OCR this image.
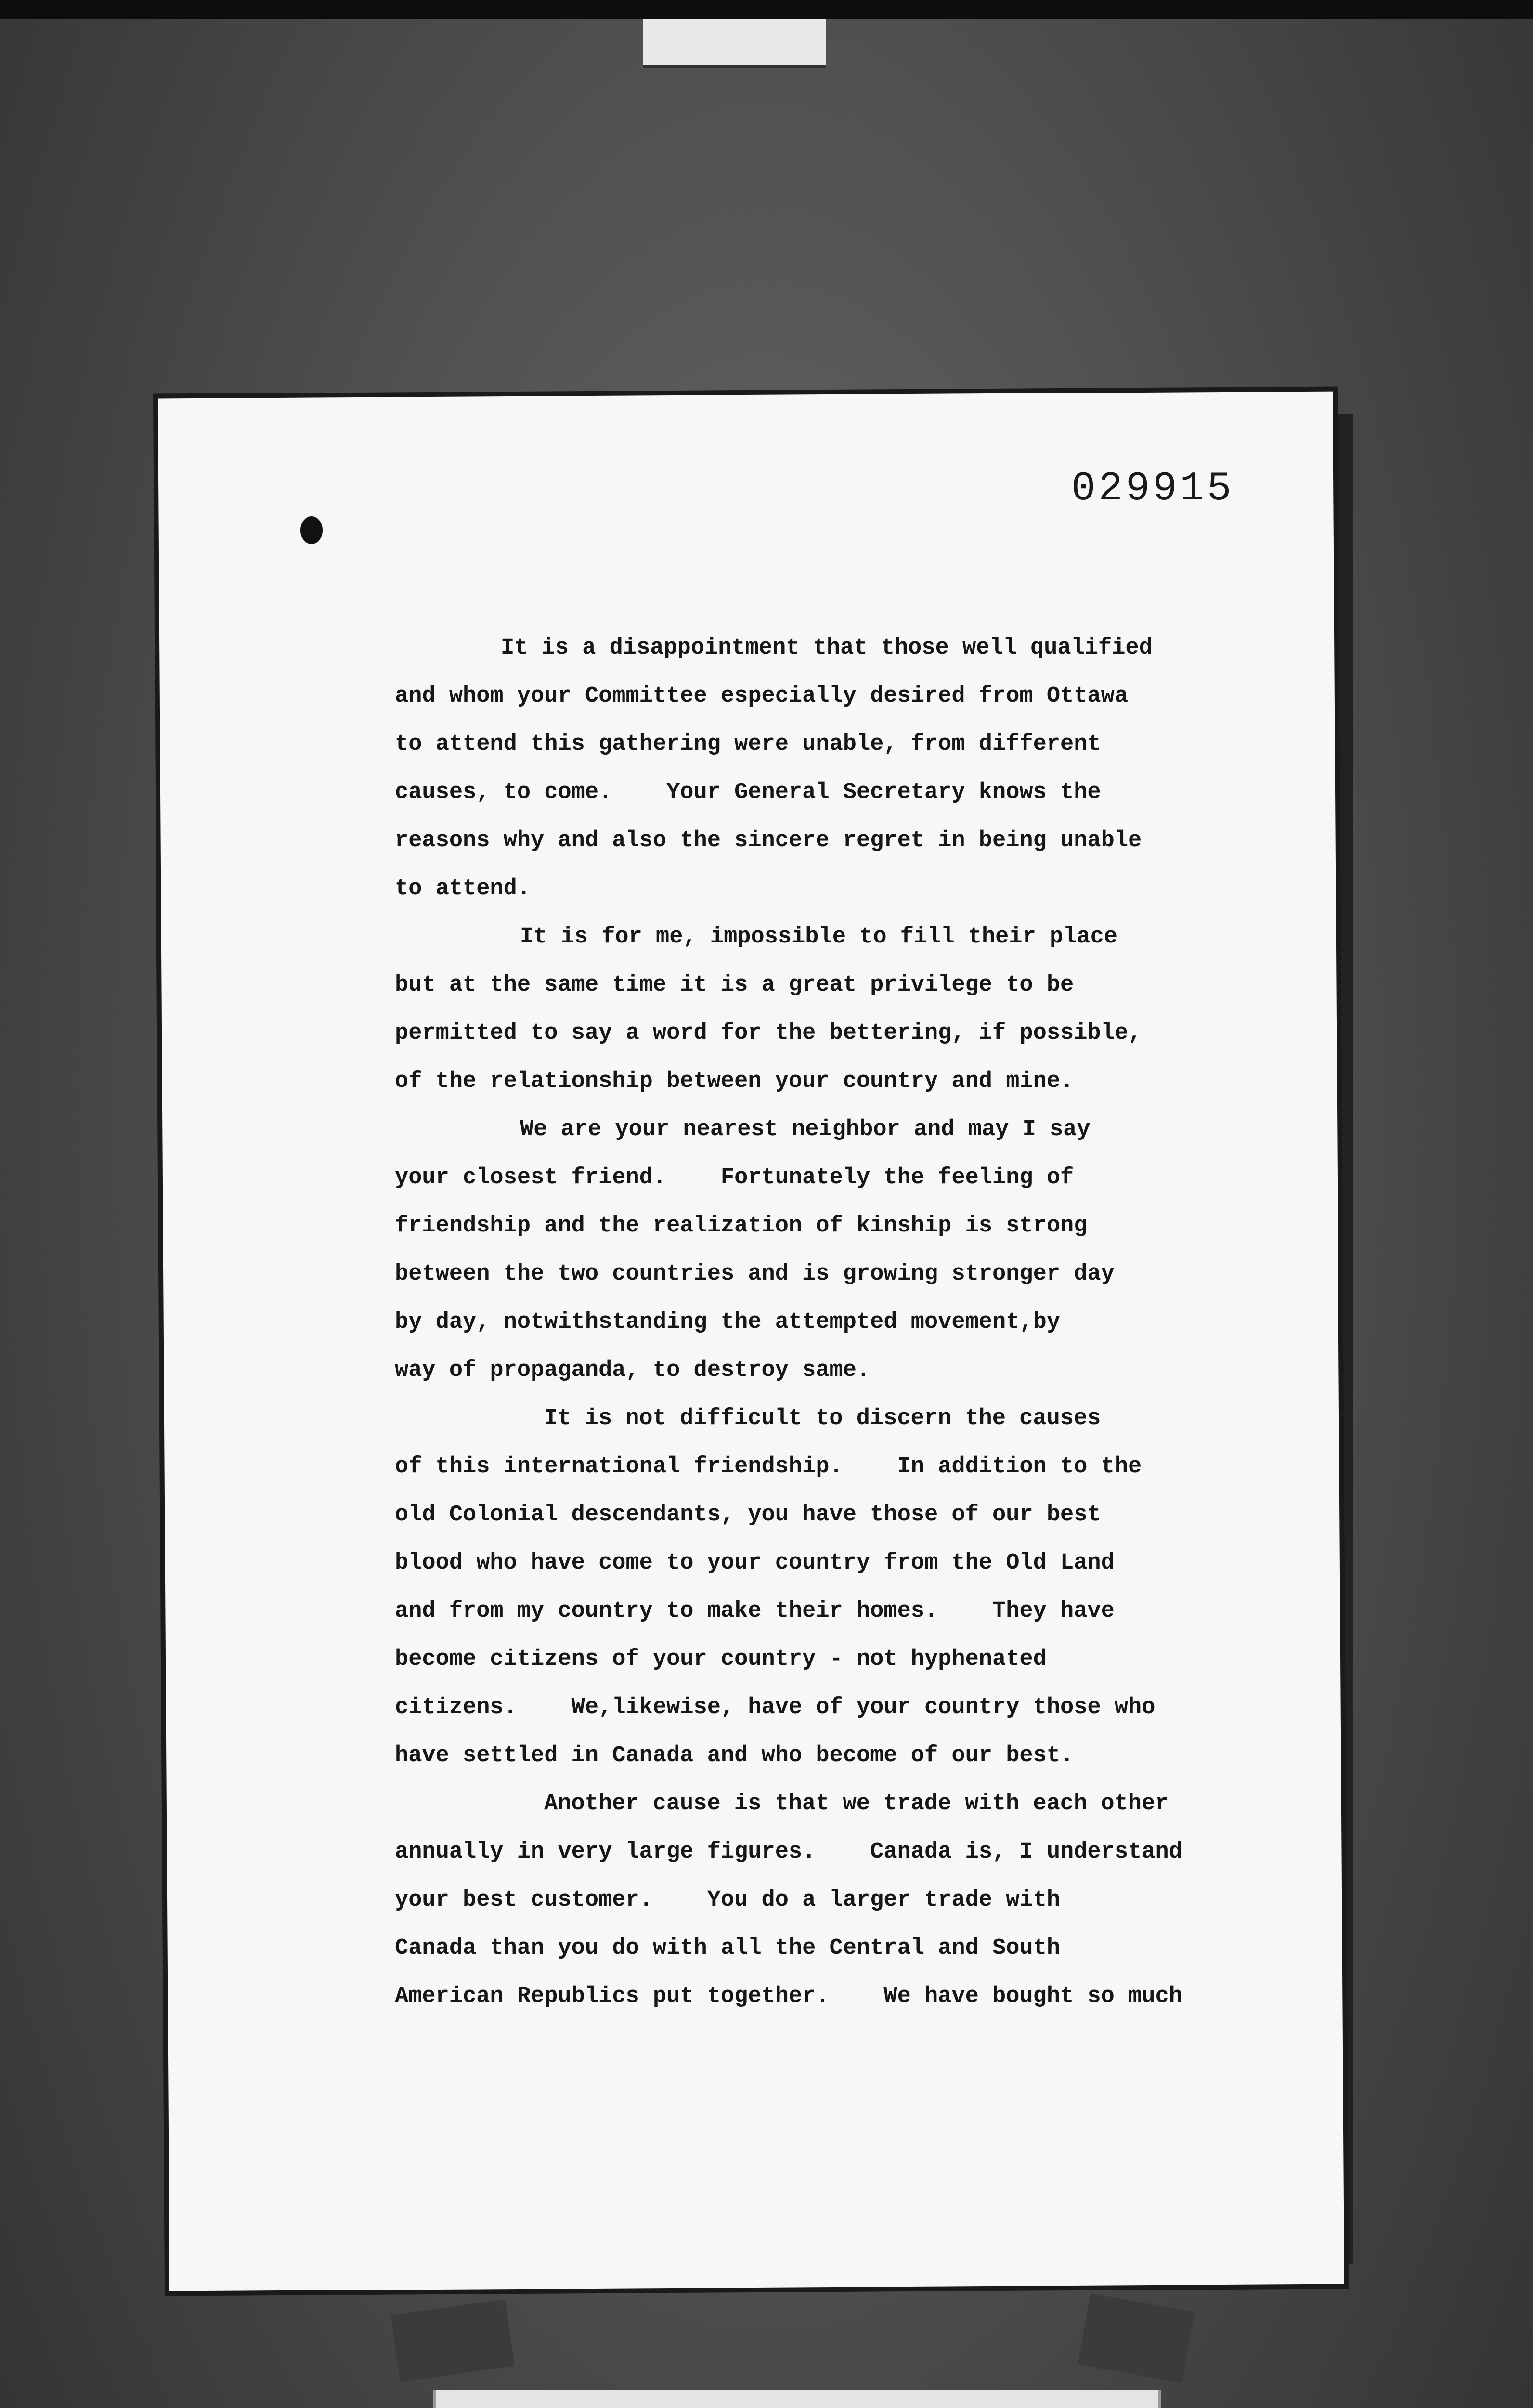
029915
It is a disappointment that those well qualified
and whom your Committee especially desired from Ottawa
to attend this gathering were unable, from different
causes, to come.    Your General Secretary knows the
reasons why and also the sincere regret in being unable
to attend.
It is for me, impossible to fill their place
but at the same time it is a great privilege to be
permitted to say a word for the bettering, if possible,
of the relationship between your country and mine.
We are your nearest neighbor and may I say
your closest friend.    Fortunately the feeling of
friendship and the realization of kinship is strong
between the two countries and is growing stronger day
by day, notwithstanding the attempted movement,by
way of propaganda, to destroy same.
It is not difficult to discern the causes
of this international friendship.    In addition to the
old Colonial descendants, you have those of our best
blood who have come to your country from the Old Land
and from my country to make their homes.    They have
become citizens of your country - not hyphenated
citizens.    We,likewise, have of your country those who
have settled in Canada and who become of our best.
Another cause is that we trade with each other
annually in very large figures.    Canada is, I understand
your best customer.    You do a larger trade with
Canada than you do with all the Central and South
American Republics put together.    We have bought so much
